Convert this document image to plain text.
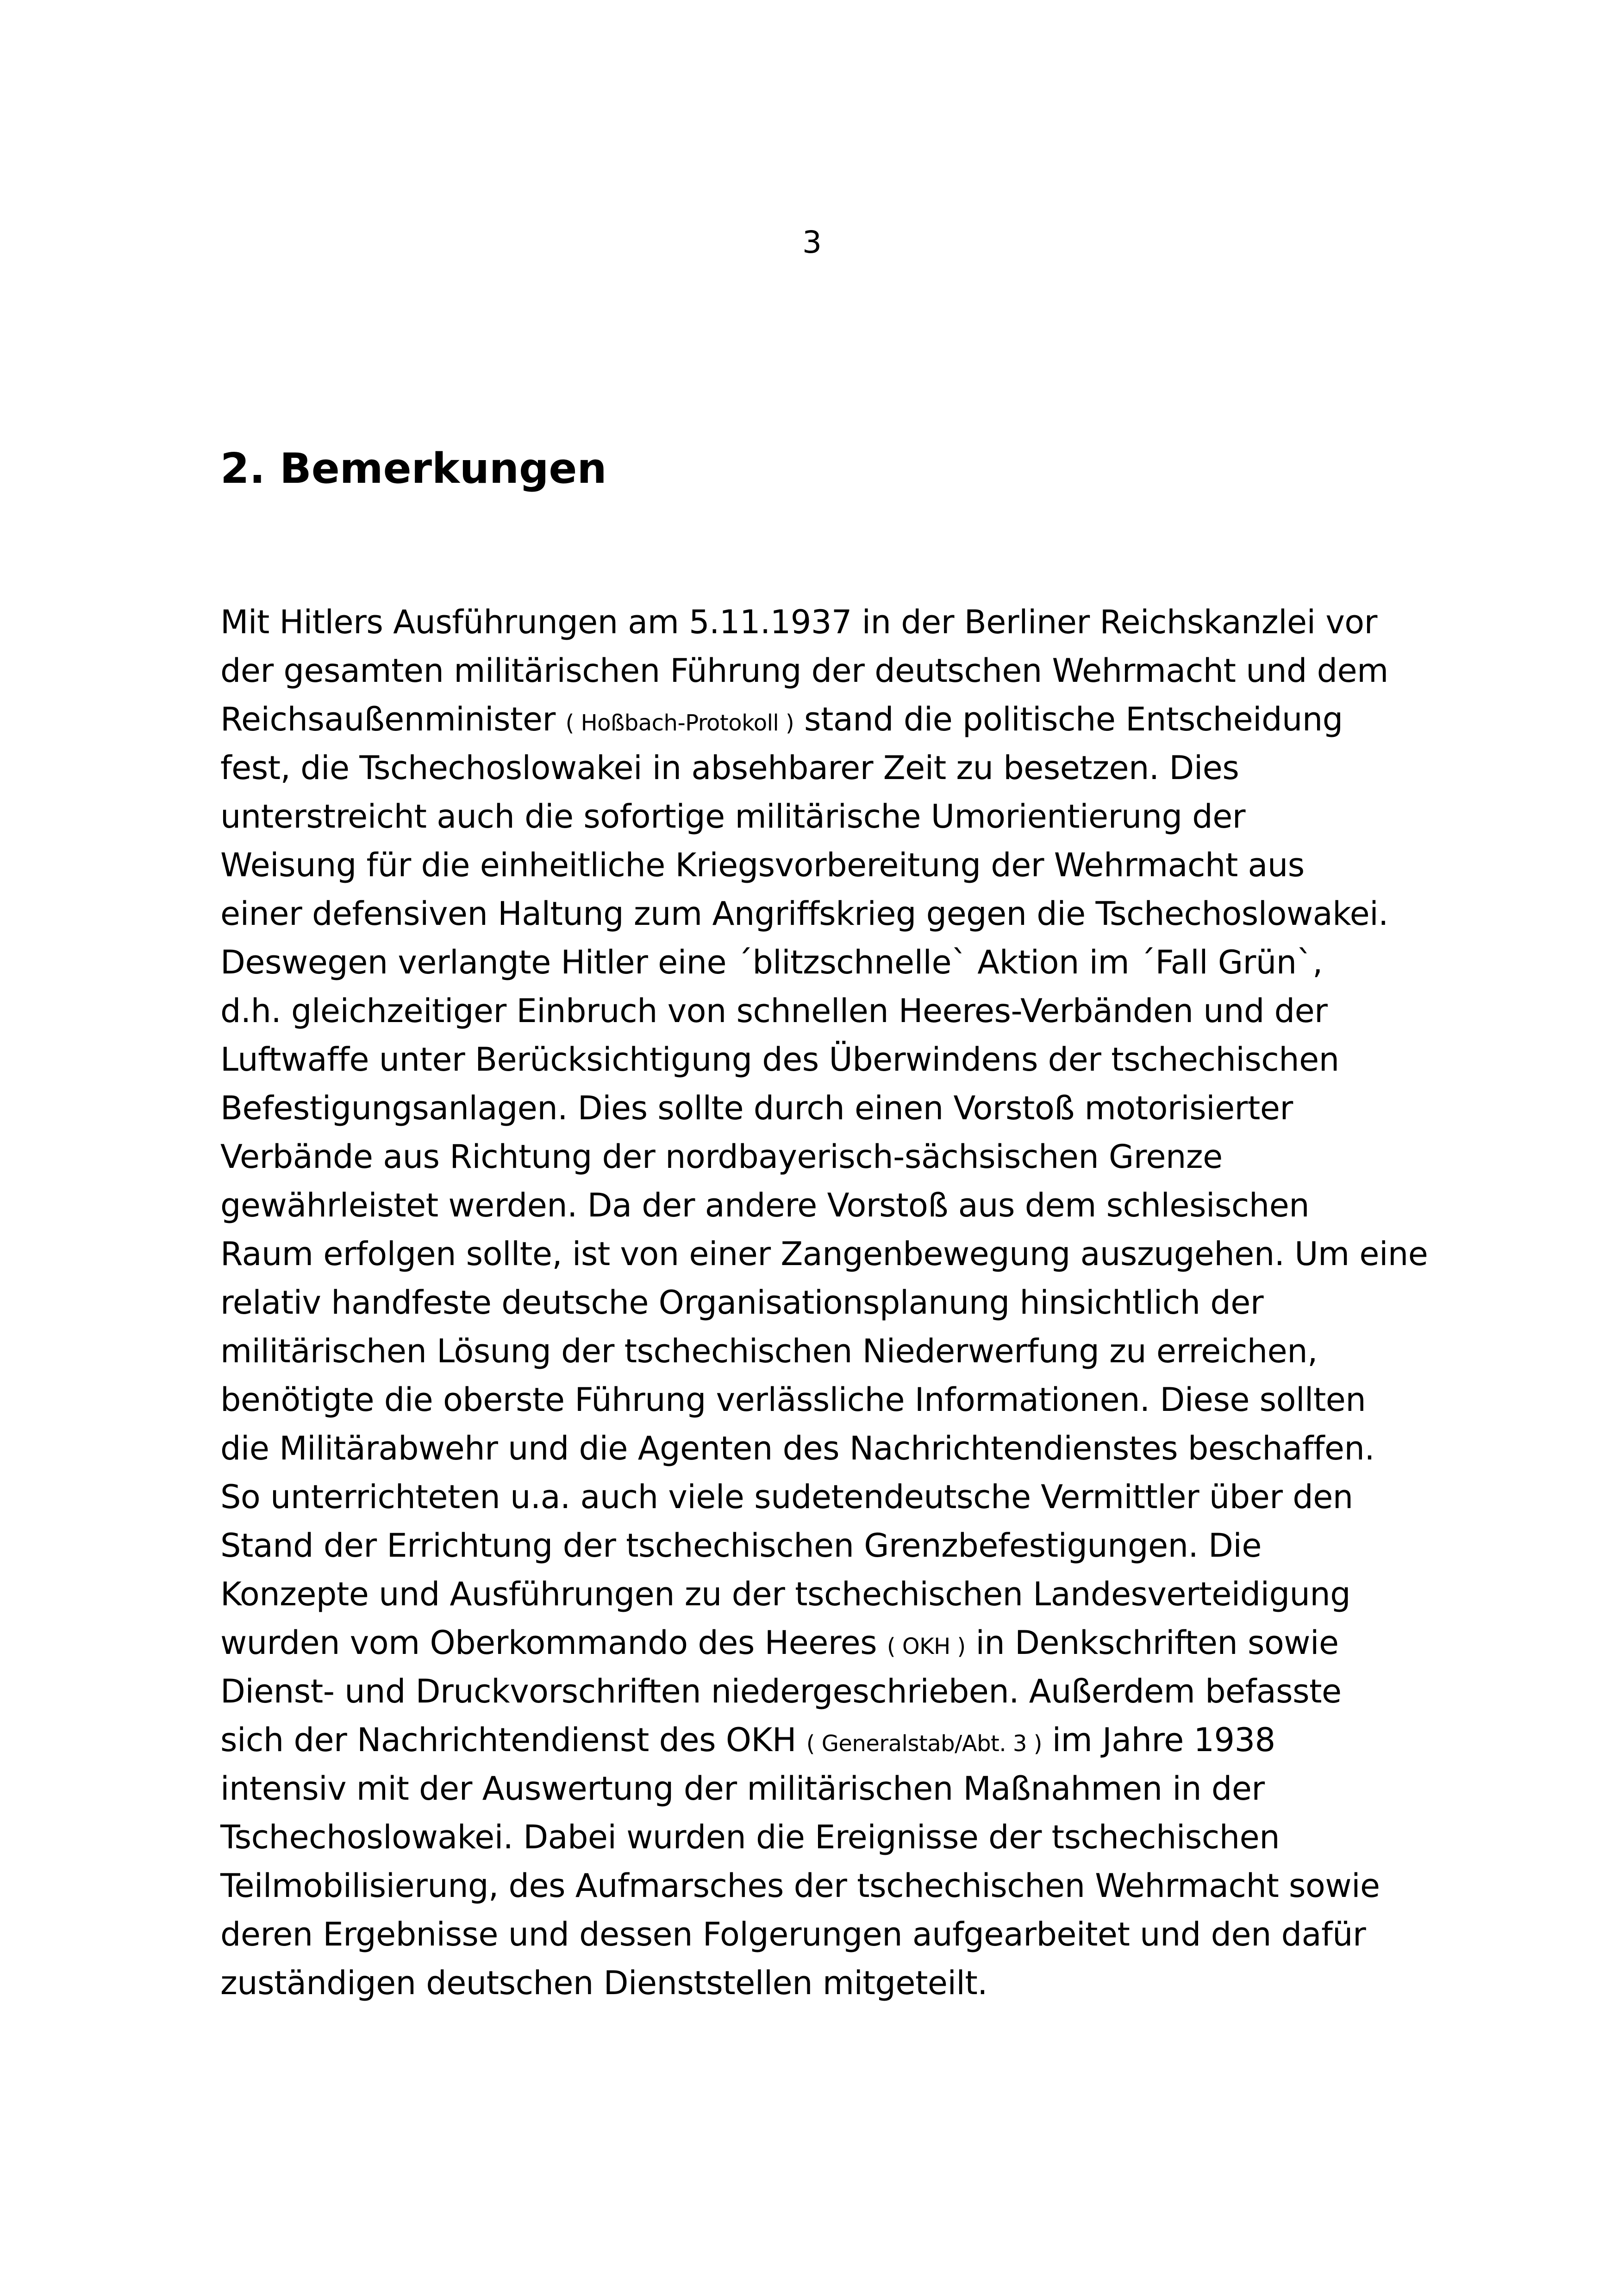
3
2. Bemerkungen
Mit Hitlers Ausführungen am 5.11.1937 in der Berliner Reichskanzlei vor
der gesamten militärischen Führung der deutschen Wehrmacht und dem
Reichsaußenminister ( Hoßbach-Protokoll ) stand die politische Entscheidung
fest, die Tschechoslowakei in absehbarer Zeit zu besetzen. Dies
unterstreicht auch die sofortige militärische Umorientierung der
Weisung für die einheitliche Kriegsvorbereitung der Wehrmacht aus
einer defensiven Haltung zum Angriffskrieg gegen die Tschechoslowakei.
Deswegen verlangte Hitler eine ´blitzschnelle` Aktion im ´Fall Grün`,
d.h. gleichzeitiger Einbruch von schnellen Heeres-Verbänden und der
Luftwaffe unter Berücksichtigung des Überwindens der tschechischen
Befestigungsanlagen. Dies sollte durch einen Vorstoß motorisierter
Verbände aus Richtung der nordbayerisch-sächsischen Grenze
gewährleistet werden. Da der andere Vorstoß aus dem schlesischen
Raum erfolgen sollte, ist von einer Zangenbewegung auszugehen. Um eine
relativ handfeste deutsche Organisationsplanung hinsichtlich der
militärischen Lösung der tschechischen Niederwerfung zu erreichen,
benötigte die oberste Führung verlässliche Informationen. Diese sollten
die Militärabwehr und die Agenten des Nachrichtendienstes beschaffen.
So unterrichteten u.a. auch viele sudetendeutsche Vermittler über den
Stand der Errichtung der tschechischen Grenzbefestigungen. Die
Konzepte und Ausführungen zu der tschechischen Landesverteidigung
wurden vom Oberkommando des Heeres ( OKH ) in Denkschriften sowie
Dienst- und Druckvorschriften niedergeschrieben. Außerdem befasste
sich der Nachrichtendienst des OKH ( Generalstab/Abt. 3 ) im Jahre 1938
intensiv mit der Auswertung der militärischen Maßnahmen in der
Tschechoslowakei. Dabei wurden die Ereignisse der tschechischen
Teilmobilisierung, des Aufmarsches der tschechischen Wehrmacht sowie
deren Ergebnisse und dessen Folgerungen aufgearbeitet und den dafür
zuständigen deutschen Dienststellen mitgeteilt.
